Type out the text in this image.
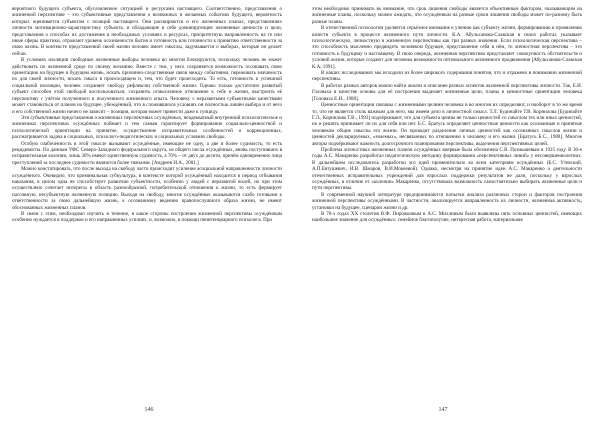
вероятного будущего субъекта, обусловленное ситуацией и ресурсами настоящего. Соответственно, представления о жизненной перспективе – это субъективные представления о возможных и желаемых событиях будущего, вероятность которых оценивается субъектом с позиций настоящего. Они расширяются и его жизненных планах, представлениях личности мотивационно-характеристику субъекта, и обладающие в себе доминирующие жизненные ценности и цели, представления о способах их достижения и необходимых условиях и ресурсах, приоритетную направленность на те или иные сферы практики, отражают уровень осознанности бытия и готовность или готовности к принятию ответственности за свою жизнь. В контексте представлений своей жизни человек имеет смыслы, задумывается о выборах, которые он делает сейчас.

В условиях изоляции свободные жизненные выборы человека во многом блокируются, поскольку человек не может действовать по жизненной среде по своему желанию. Вместе с тем, у него сохраняется возможность осознавать свою ориентацию на будущее в будущем жизнь, искать причинно-следственные связи между событиями, переживать значимость их для своей личности, искать смысл в происходящем и, тем, что будет происходить. То есть, готовность к успешной социальной изоляции, человек сохраняет свободу рефлексии собственной жизни. Однако только достаточно развитый субъект способен этой свободой воспользоваться, сохранить осмысленное отношение к себе и жизни, выстроить её перспективу с учётом полученного и полученного жизненного опыта. Человеку с неразвитыми субъектными качествами может становиться от планов на будущее, убеждённый, что в сложившихся условиях он полностью лишён выбора и от него и его собственной жизни ничего не зависит – позиция, которая может привести даже к суициду.

Эти субъективные представления о жизненных перспективах осуждённых, неадекватный внутренний психологическое и жизненных перспективах осуждённых поймает и тем самым гарантирует формирование социально-ценностной и психологической ориентации на принятие, осуществление исправительных особенностей и коррекционных, рассматривается задача в социальных, психолого-педагогических и социальных условиях свободы.

Особую озабоченность в этой смысле вызывают осуждённые, имеющие не одну, а две и более судимость, то есть рецидивисты. По данным УФС Северо-Западного федерального округа, из общего числа осуждённых, вновь поступивших в исправительные колонии, лишь 30% имеют единственную судимость, а 70% – от двух до десяти, причём одновременно лица преступлений за последнее судимости являются более тяжкими. [Андреев Н.А., 2001.]

Можно констатировать, что после выхода на свободу часто происходит усиление асоциальной направленности личности осуждённого. Очевидно, что криминальная субкультура, в контексте которой осуждённый находится в период отбывания наказания, в целом одна не способствует развитию субъектности, особенно у людей с неразвитой волей, но при этом осуществлено сочетает интересы в область разнообразной, потребительской отношения к жизни, то есть формирует пассивную, несубъектную жизненную позицию. Выходя на свободу, многие осуждённые оказываются слабо готовыми к ответственности за свою дальнейшую жизнь, к осознанному ведению правопослушного образа жизни, не имеют обоснованных жизненных планов.

В связи с этим, необходимо изучить в течение, в какое стороны построения жизненной перспективы осуждённым особенно нуждается в поддержке и его направленных усилиях, и, возможно, в помощи пенитенциарного психолога. При

146

этом необходимо принимать во внимание, что срок лишения свободы является объективным фактором, оказывающим на жизненные планы, поскольку можно ожидать, что осуждённым на разные сроки лишения свободы может по-разному быть разные планы.

В отечественной психологии уделяется серьёзное внимание к учению как субъекту жизни, формированию и проявлению качеств субъекта в процессе жизненного пути личности. К.А. Абульханова-Славская в своих работах указывает психологическую, личностную и жизненную перспективы как три разных значения. Если психологическая перспектива – это способность мысленно предвидеть человеком будущее, представление себя в нём, то личностная перспектива – это готовность к будущему и настоящему. В свою очередь, жизненная перспектива представляет совокупность обстоятельств и условий жизни, которые создают для человека возможности оптимального жизненного продвижения [Абульханова-Славская К.А, 1991].

В наших исследованиях мы исходили из более широкого содержания понятия, что и отражено в понимании жизненной перспективы.

В работах разных авторов можно найти анализ и описание разных аспектов жизненной перспективы личности. Так, Е.И. Головаха в качестве основы для её построения выделяет жизненные цели, планы и ценностные ориентации человека [Головаха Е.И., 1988].

Ценностные ориентации связаны с жизненными целями человека и во многом их определяют, и наоборот в то же время то, что не является столь важным для него, мы имеем дело в личностной смысл. Т.Л. Будинайте Т.В. Корнилова [Будинайте Г.Л., Корнилова Т.В., 1993] подчёркивают, что для субъекта ценны не только ценностей со смыслом тех или иных ценностей, но и решить принимает ли их для себя или нет. Б.С. Братусь определяет ценностные ценности как осознанные и принятые человеком общие смыслы его жизни. Он проводит разделение личных ценностей как осознанных смыслов жизни и ценностей декларируемых, «знаемых», несвязанных по отношению к человеку и его жизни. [Братусь Б.С., 1988]. Многие авторы подчёркивают важность долгосрочного планирования перспективы, выделения перспективных целей.

Проблема личностных жизненных планов осуждённых впервые была обозначена С.В. Познышевым в 1925 году. В 30-е годы А.С. Макаренко разработал педагогическую методику формирования «перспективных линий» у несовершеннолетних. В дальнейшем исследователь разработки эго идей применительно ко всем категориям осуждённых (Б.С. Утевский, А.П.Евтушевич, И.В. Шмаров, В.И.Мокеевой). Однако, несмотря на принятие идеи А.С. Макаренко о деятельности отечественных исправительных учреждений для взрослых поддержки результатов не дали, поскольку у взрослых осуждённых, в отличие от «колонии» Макаренко, отсутствовала возможность самостоятельно выбирать жизненные цели и пути перспективы.

В современной научной литературе предпринимаются попытки анализа различных сторон и факторов построения жизненной перспективы осуждёнными. В частности, анализируется направленность их личности, жизненная активность, установки на будущее, сценарии жизни и др.

В 70-х годах XX столетия В.Ф. Пирожковым и А.С. Михлиным были выявлены пять основных ценностей, имеющих наибольшее значение для осуждённых: семейное благополучие, интересная работа, материальная

147
